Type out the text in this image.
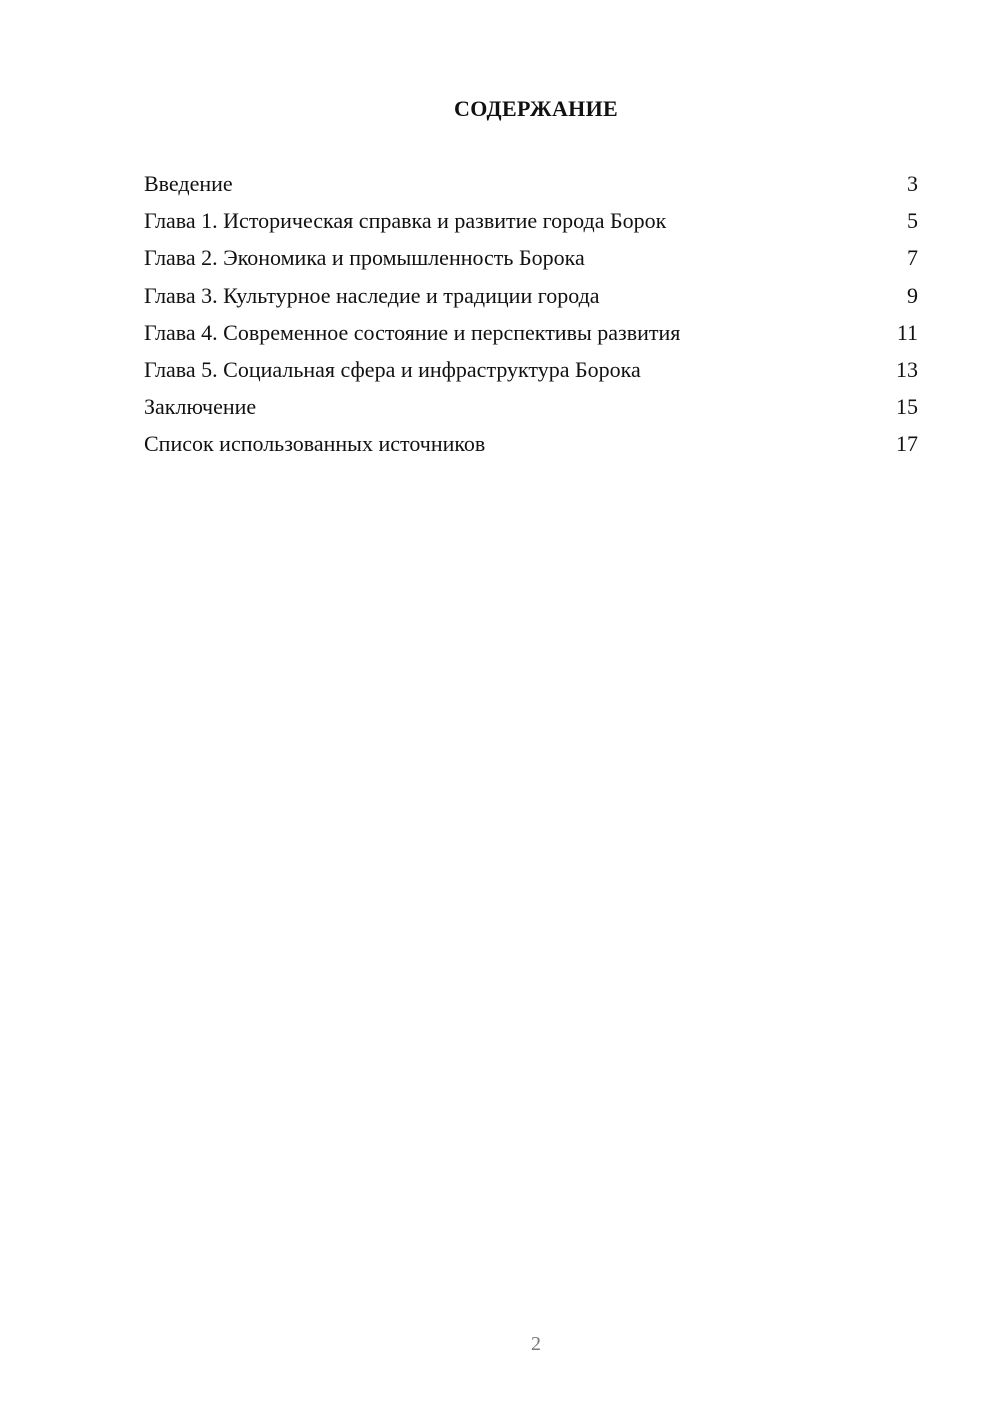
СОДЕРЖАНИЕ
Введение	3
Глава 1. Историческая справка и развитие города Борок	5
Глава 2. Экономика и промышленность Борока	7
Глава 3. Культурное наследие и традиции города	9
Глава 4. Современное состояние и перспективы развития	11
Глава 5. Социальная сфера и инфраструктура Борока	13
Заключение	15
Список использованных источников	17
2
